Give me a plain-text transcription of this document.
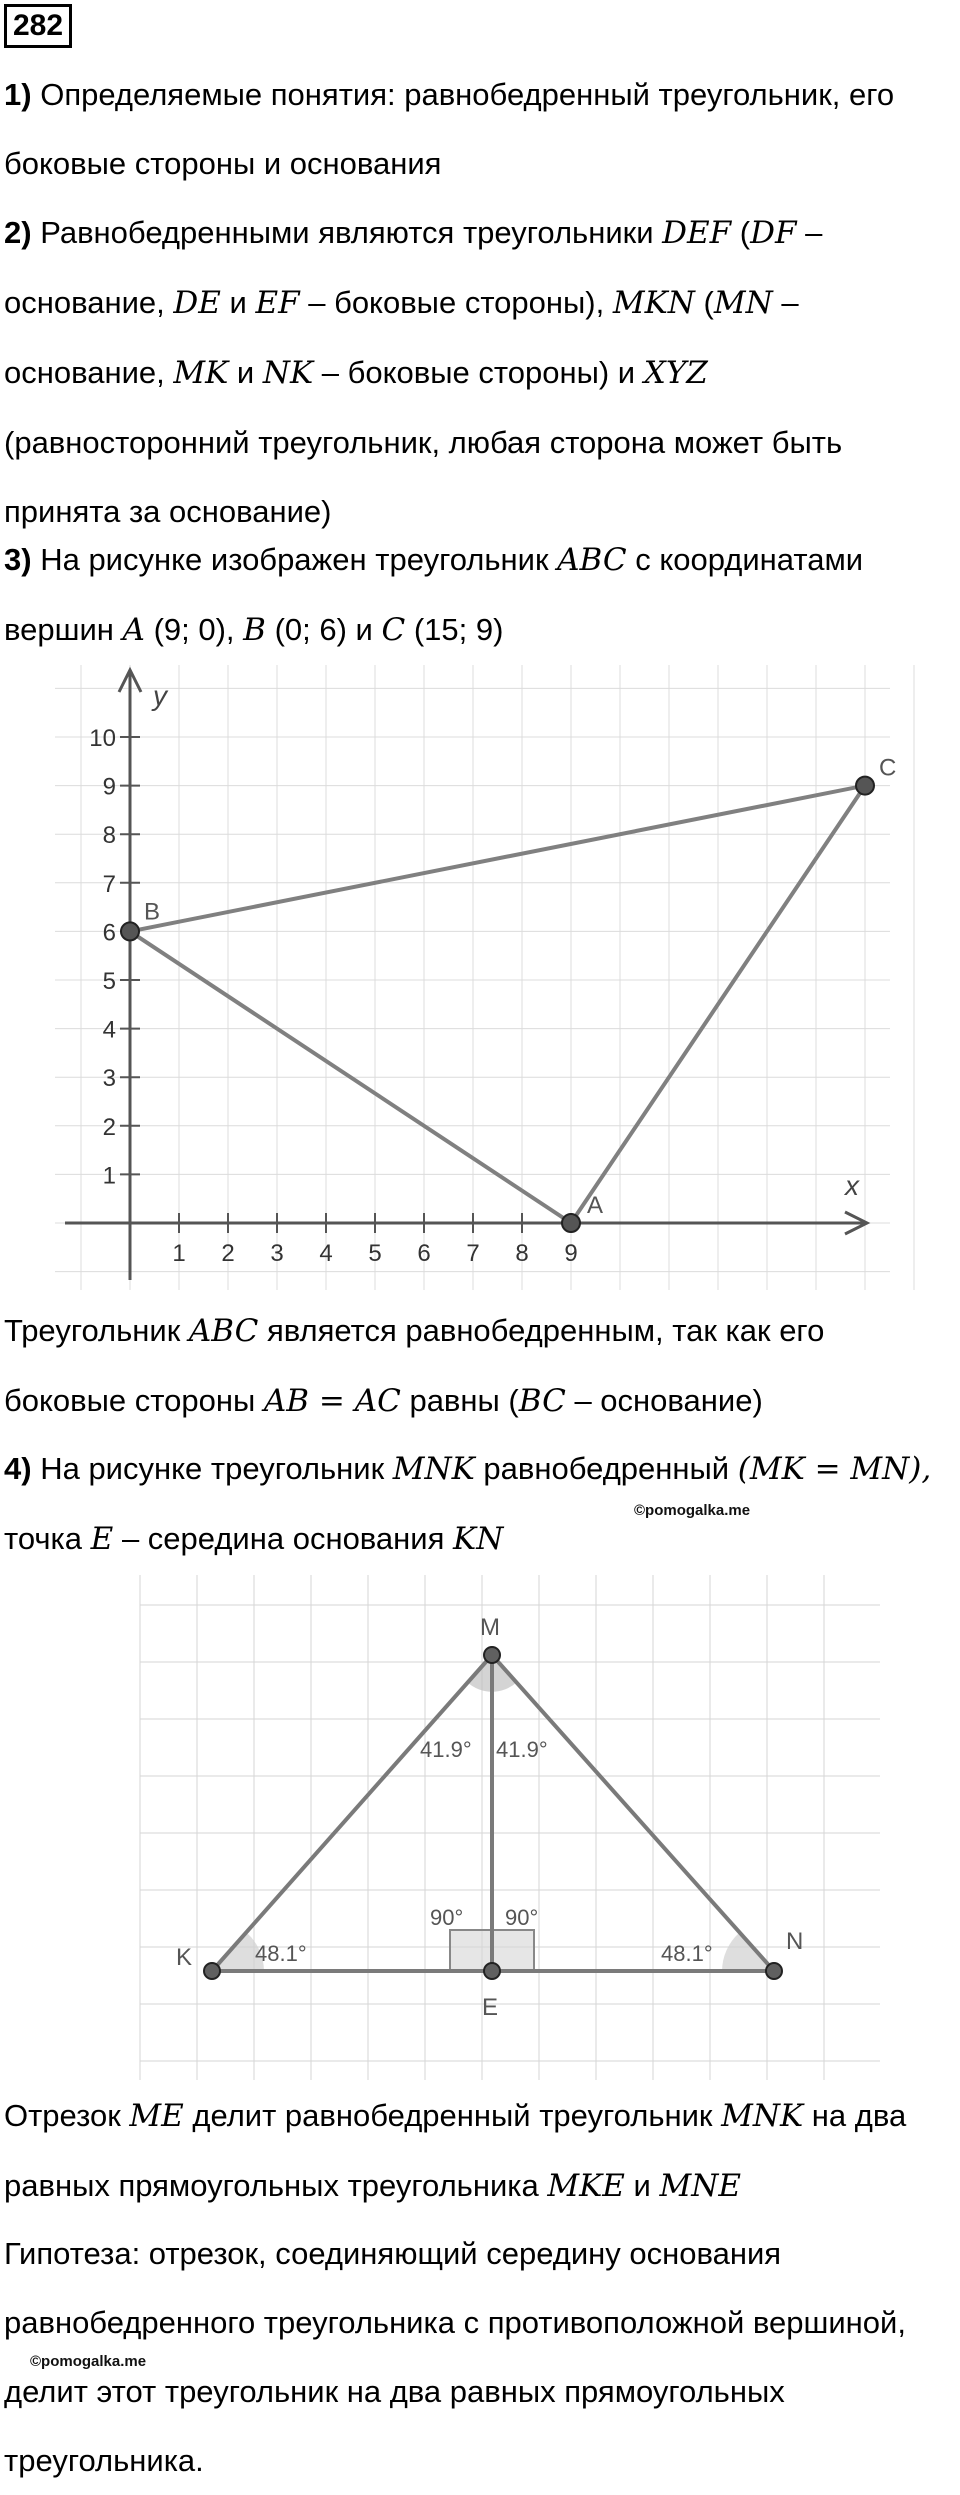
282
1) Определяемые понятия: равнобедренный треугольник, его боковые стороны и основания
2) Равнобедренными являются треугольники DEF (DF – основание, DE и EF – боковые стороны), MKN (MN – основание, MK и NK – боковые стороны) и XYZ (равносторонний треугольник, любая сторона может быть принята за основание)
3) На рисунке изображен треугольник ABC с координатами вершин A (9; 0), B (0; 6) и C (15; 9)
x
y
1 2 3 4 5 6 7 8 9
1
2
3
4
5
6
7
8
9
10
A
B
C
Треугольник ABC является равнобедренным, так как его боковые стороны AB = AC равны (BC – основание)
4) На рисунке треугольник MNK равнобедренный (MK = MN), точка E – середина основания KN
©pomogalka.me
M
K
N
E
41.9° 41.9°
48.1°	48.1°
90° 90°
Отрезок ME делит равнобедренный треугольник MNK на два равных прямоугольных треугольника MKE и MNE
Гипотеза: отрезок, соединяющий середину основания равнобедренного треугольника с противоположной вершиной, делит этот треугольник на два равных прямоугольных треугольника.
©pomogalka.me
